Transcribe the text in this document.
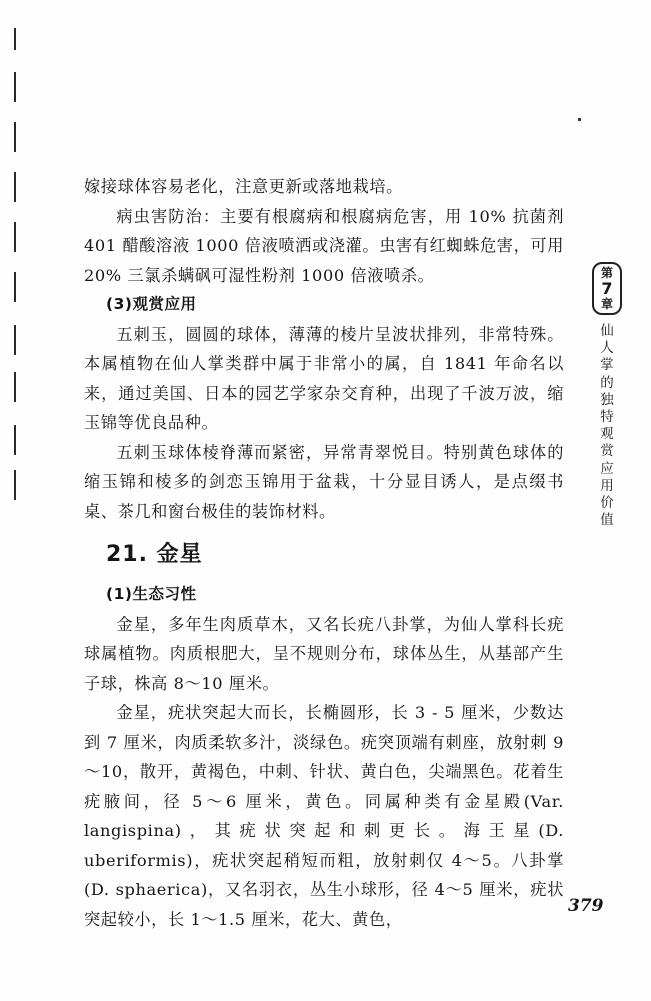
嫁接球体容易老化，注意更新或落地栽培。

病虫害防治：主要有根腐病和根腐病危害，用 10% 抗菌剂 401 醋酸溶液 1000 倍液喷洒或浇灌。虫害有红蜘蛛危害，可用 20% 三氯杀螨砜可湿性粉剂 1000 倍液喷杀。

(3)观赏应用

五刺玉，圆圆的球体，薄薄的棱片呈波状排列，非常特殊。本属植物在仙人掌类群中属于非常小的属，自 1841 年命名以来，通过美国、日本的园艺学家杂交育种，出现了千波万波，缩玉锦等优良品种。

五刺玉球体棱脊薄而紧密，异常青翠悦目。特别黄色球体的缩玉锦和棱多的剑恋玉锦用于盆栽，十分显目诱人，是点缀书桌、茶几和窗台极佳的装饰材料。

21. 金星

(1)生态习性

金星，多年生肉质草木，又名长疣八卦掌，为仙人掌科长疣球属植物。肉质根肥大，呈不规则分布，球体丛生，从基部产生子球，株高 8～10 厘米。

金星，疣状突起大而长，长椭圆形，长 3 - 5 厘米，少数达到 7 厘米，肉质柔软多汁，淡绿色。疣突顶端有刺座，放射刺 9～10，散开，黄褐色，中刺、针状、黄白色，尖端黑色。花着生疣腋间，径 5～6 厘米，黄色。同属种类有金星殿(Var. langispina)，其疣状突起和刺更长。海王星(D. uberiformis)，疣状突起稍短而粗，放射刺仅 4～5。八卦掌(D. sphaerica)，又名羽衣，丛生小球形，径 4～5 厘米，疣状突起较小，长 1～1.5 厘米，花大、黄色，

第
7
章
仙人掌的独特观赏应用价值
379
